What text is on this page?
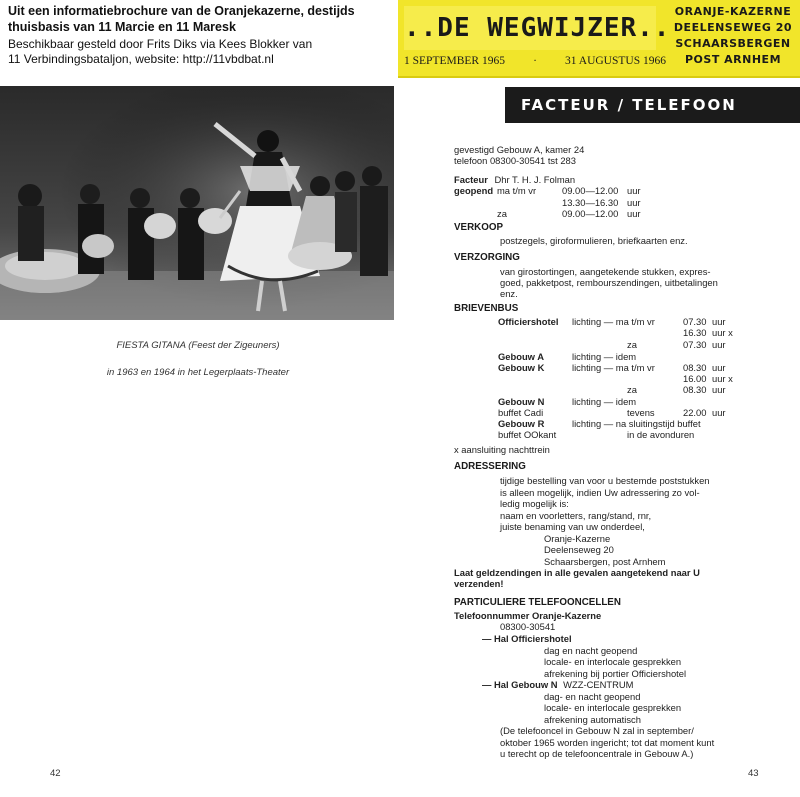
Uit een informatiebrochure van de Oranjekazerne, destijds
thuisbasis van 11 Marcie en 11 Maresk
Beschikbaar gesteld door Frits Diks via Kees Blokker van
11 Verbindingsbataljon, website: http://11vbdbat.nl
..DE WEGWIJZER..
1 SEPTEMBER 1965	·	31 AUGUSTUS 1966
ORANJE-KAZERNE
DEELENSEWEG 20
SCHAARSBERGEN
POST ARNHEM
FIESTA GITANA (Feest der Zigeuners)
in 1963 en 1964 in het Legerplaats-Theater
42
FACTEUR / TELEFOON
gevestigd Gebouw A, kamer 24
telefoon 08300-30541 tst 283
Facteur Dhr T. H. J. Folman
geopend ma t/m vr	09.00—12.00 uur
13.30—16.30 uur
za	09.00—12.00 uur
VERKOOP
postzegels, giroformulieren, briefkaarten enz.
VERZORGING
van girostortingen, aangetekende stukken, expres-
goed, pakketpost, rembourszendingen, uitbetalingen
enz.
BRIEVENBUS
Officiershotel lichting — ma t/m vr	07.30 uur
16.30 uur x
za	07.30 uur
Gebouw A	lichting — idem
Gebouw K	lichting — ma t/m vr	08.30 uur
16.00 uur x
za	08.30 uur
Gebouw N	lichting — idem
buffet Cadi	tevens	22.00 uur
Gebouw R	lichting — na sluitingstijd buffet
buffet OOkant	in de avonduren
x aansluiting nachttrein
ADRESSERING
tijdige bestelling van voor u bestemde poststukken
is alleen mogelijk, indien Uw adressering zo vol-
ledig mogelijk is:
naam en voorletters, rang/stand, rnr,
juiste benaming van uw onderdeel,
Oranje-Kazerne
Deelenseweg 20
Schaarsbergen, post Arnhem
Laat geldzendingen in alle gevalen aangetekend naar U
verzenden!
PARTICULIERE TELEFOONCELLEN
Telefoonnummer Oranje-Kazerne
08300-30541
— Hal Officiershotel
dag en nacht geopend
locale- en interlocale gesprekken
afrekening bij portier Officiershotel
— Hal Gebouw N WZZ-CENTRUM
dag- en nacht geopend
locale- en interlocale gesprekken
afrekening automatisch
(De telefooncel in Gebouw N zal in september/
oktober 1965 worden ingericht; tot dat moment kunt
u terecht op de telefooncentrale in Gebouw A.)
43
